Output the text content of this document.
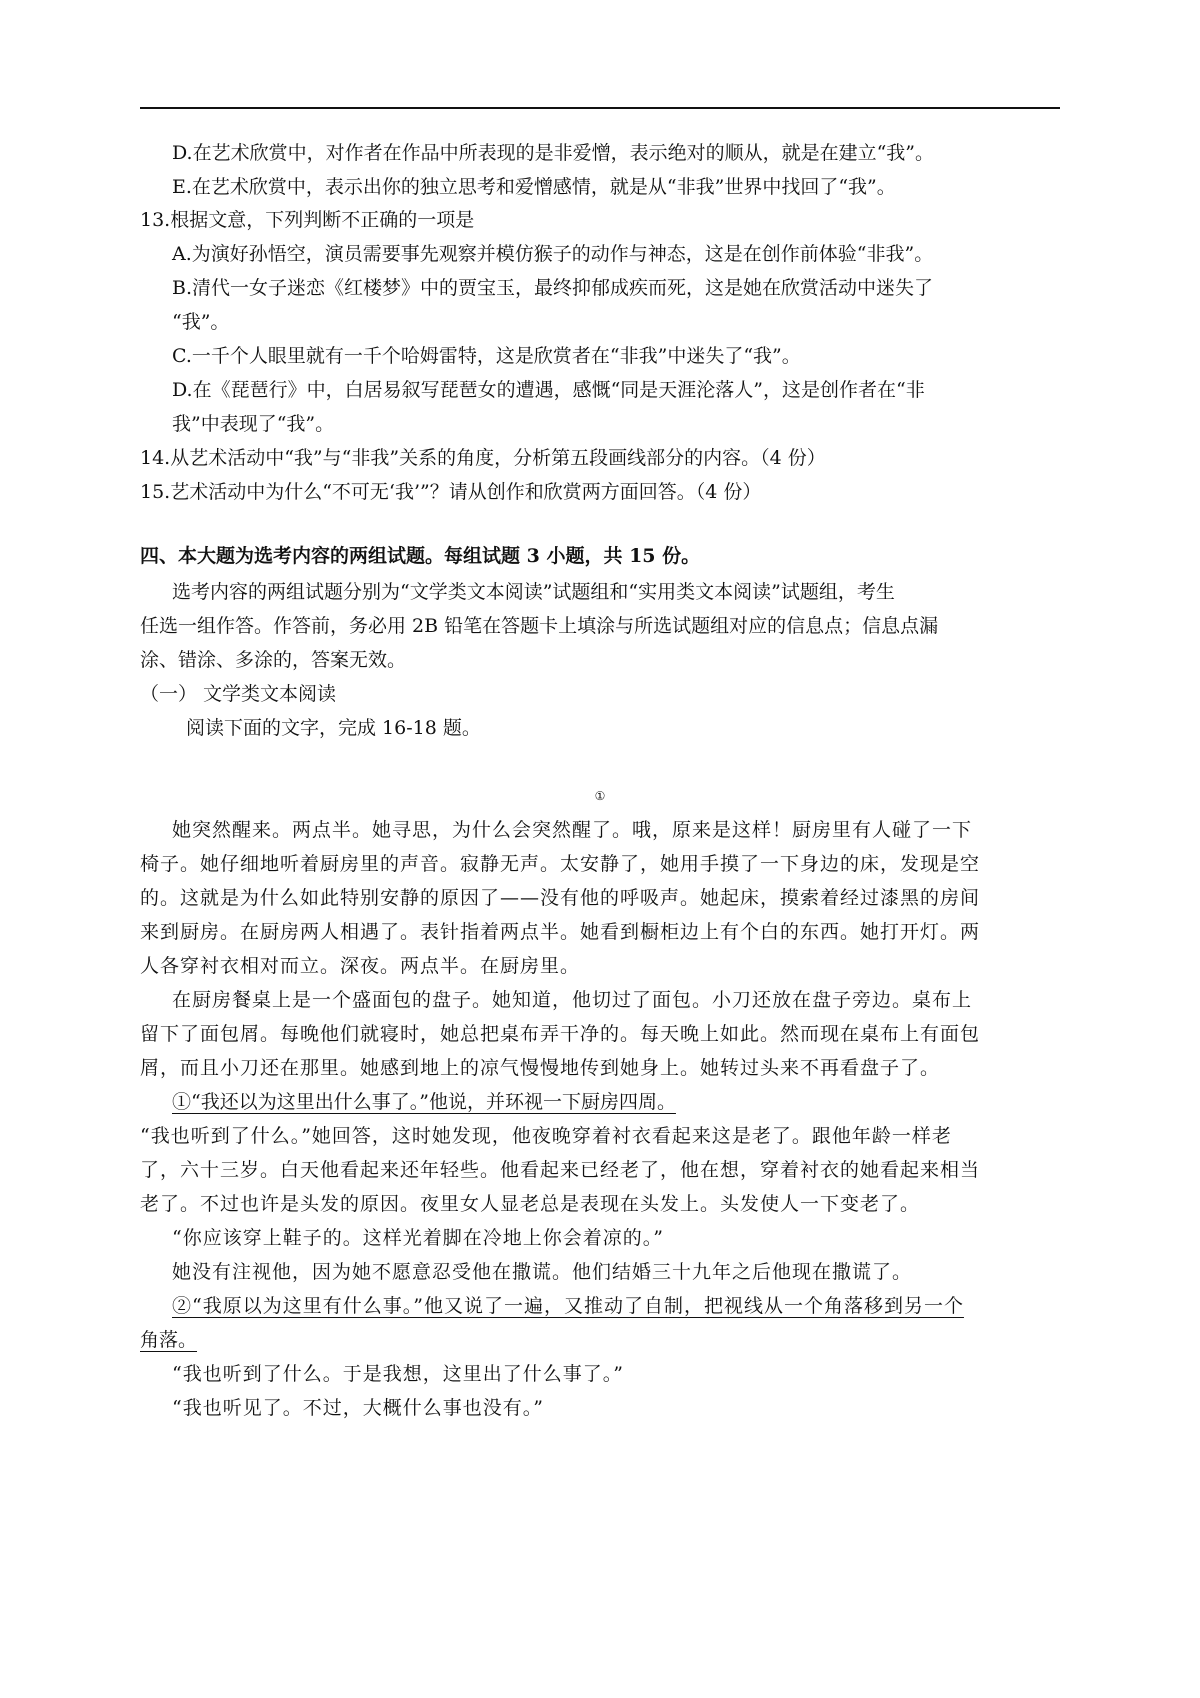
D.在艺术欣赏中，对作者在作品中所表现的是非爱憎，表示绝对的顺从，就是在建立“我”。
E.在艺术欣赏中，表示出你的独立思考和爱憎感情，就是从“非我”世界中找回了“我”。
13.根据文意，下列判断不正确的一项是
A.为演好孙悟空，演员需要事先观察并模仿猴子的动作与神态，这是在创作前体验“非我”。
B.清代一女子迷恋《红楼梦》中的贾宝玉，最终抑郁成疾而死，这是她在欣赏活动中迷失了
“我”。
C.一千个人眼里就有一千个哈姆雷特，这是欣赏者在“非我”中迷失了“我”。
D.在《琵琶行》中，白居易叙写琵琶女的遭遇，感慨“同是天涯沦落人”，这是创作者在“非
我”中表现了“我”。
14.从艺术活动中“我”与“非我”关系的角度，分析第五段画线部分的内容。（4 份）
15.艺术活动中为什么“不可无‘我’”？请从创作和欣赏两方面回答。（4 份）
四、本大题为选考内容的两组试题。每组试题 3 小题，共 15 份。
选考内容的两组试题分别为“文学类文本阅读”试题组和“实用类文本阅读”试题组，考生
任选一组作答。作答前，务必用 2B 铅笔在答题卡上填涂与所选试题组对应的信息点；信息点漏
涂、错涂、多涂的，答案无效。
（一） 文学类文本阅读
阅读下面的文字，完成 16-18 题。
①
她突然醒来。两点半。她寻思，为什么会突然醒了。哦，原来是这样！厨房里有人碰了一下
椅子。她仔细地听着厨房里的声音。寂静无声。太安静了，她用手摸了一下身边的床，发现是空
的。这就是为什么如此特别安静的原因了——没有他的呼吸声。她起床，摸索着经过漆黑的房间
来到厨房。在厨房两人相遇了。表针指着两点半。她看到橱柜边上有个白的东西。她打开灯。两
人各穿衬衣相对而立。深夜。两点半。在厨房里。
在厨房餐桌上是一个盛面包的盘子。她知道，他切过了面包。小刀还放在盘子旁边。桌布上
留下了面包屑。每晚他们就寝时，她总把桌布弄干净的。每天晚上如此。然而现在桌布上有面包
屑，而且小刀还在那里。她感到地上的凉气慢慢地传到她身上。她转过头来不再看盘子了。
①“我还以为这里出什么事了。”他说，并环视一下厨房四周。
“我也听到了什么。”她回答，这时她发现，他夜晚穿着衬衣看起来这是老了。跟他年龄一样老
了，六十三岁。白天他看起来还年轻些。他看起来已经老了，他在想，穿着衬衣的她看起来相当
老了。不过也许是头发的原因。夜里女人显老总是表现在头发上。头发使人一下变老了。
“你应该穿上鞋子的。这样光着脚在冷地上你会着凉的。”
她没有注视他，因为她不愿意忍受他在撒谎。他们结婚三十九年之后他现在撒谎了。
②“我原以为这里有什么事。”他又说了一遍，又推动了自制，把视线从一个角落移到另一个
角落。
“我也听到了什么。于是我想，这里出了什么事了。”
“我也听见了。不过，大概什么事也没有。”
